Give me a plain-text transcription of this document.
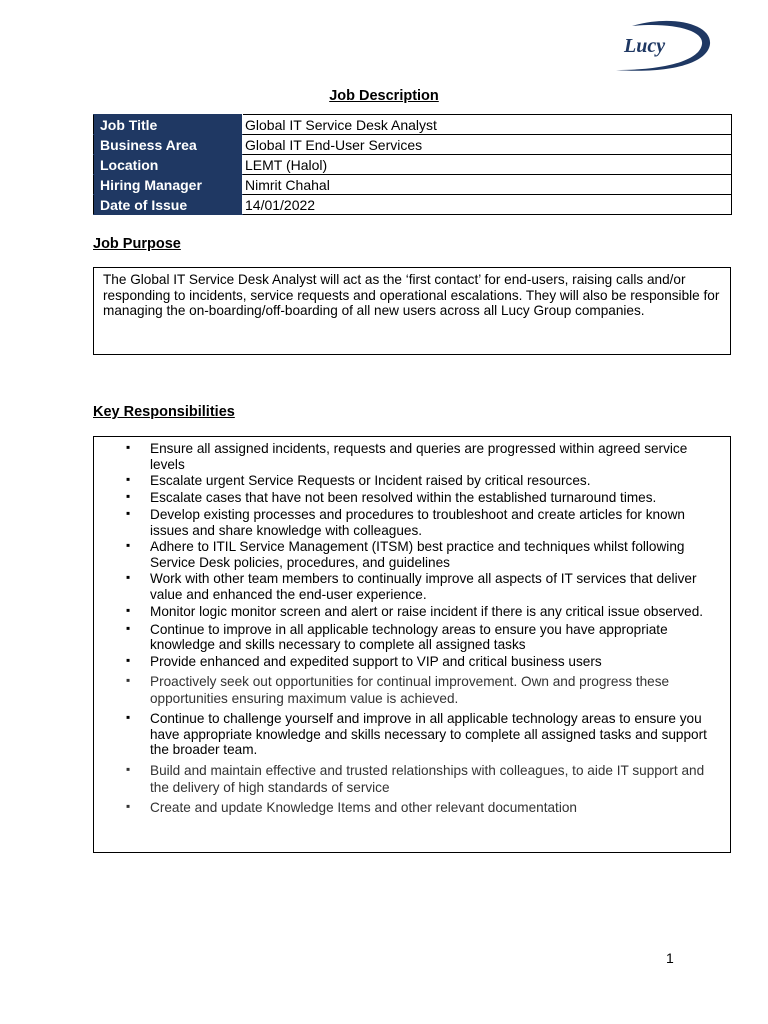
Lucy
Job Description
Job Title	Global IT Service Desk Analyst
Business Area	Global IT End-User Services
Location	LEMT (Halol)
Hiring Manager	Nimrit Chahal
Date of Issue	14/01/2022
Job Purpose
The Global IT Service Desk Analyst will act as the ‘first contact’ for end-users, raising calls and/or responding to incidents, service requests and operational escalations. They will also be responsible for managing the on-boarding/off-boarding of all new users across all Lucy Group companies.
Key Responsibilities
▪ Ensure all assigned incidents, requests and queries are progressed within agreed service levels
▪ Escalate urgent Service Requests or Incident raised by critical resources.
▪ Escalate cases that have not been resolved within the established turnaround times.
▪ Develop existing processes and procedures to troubleshoot and create articles for known issues and share knowledge with colleagues.
▪ Adhere to ITIL Service Management (ITSM) best practice and techniques whilst following Service Desk policies, procedures, and guidelines
▪ Work with other team members to continually improve all aspects of IT services that deliver value and enhanced the end-user experience.
▪ Monitor logic monitor screen and alert or raise incident if there is any critical issue observed.
▪ Continue to improve in all applicable technology areas to ensure you have appropriate knowledge and skills necessary to complete all assigned tasks
▪ Provide enhanced and expedited support to VIP and critical business users
▪ Proactively seek out opportunities for continual improvement. Own and progress these opportunities ensuring maximum value is achieved.
▪ Continue to challenge yourself and improve in all applicable technology areas to ensure you have appropriate knowledge and skills necessary to complete all assigned tasks and support the broader team.
▪ Build and maintain effective and trusted relationships with colleagues, to aide IT support and the delivery of high standards of service
▪ Create and update Knowledge Items and other relevant documentation
1
